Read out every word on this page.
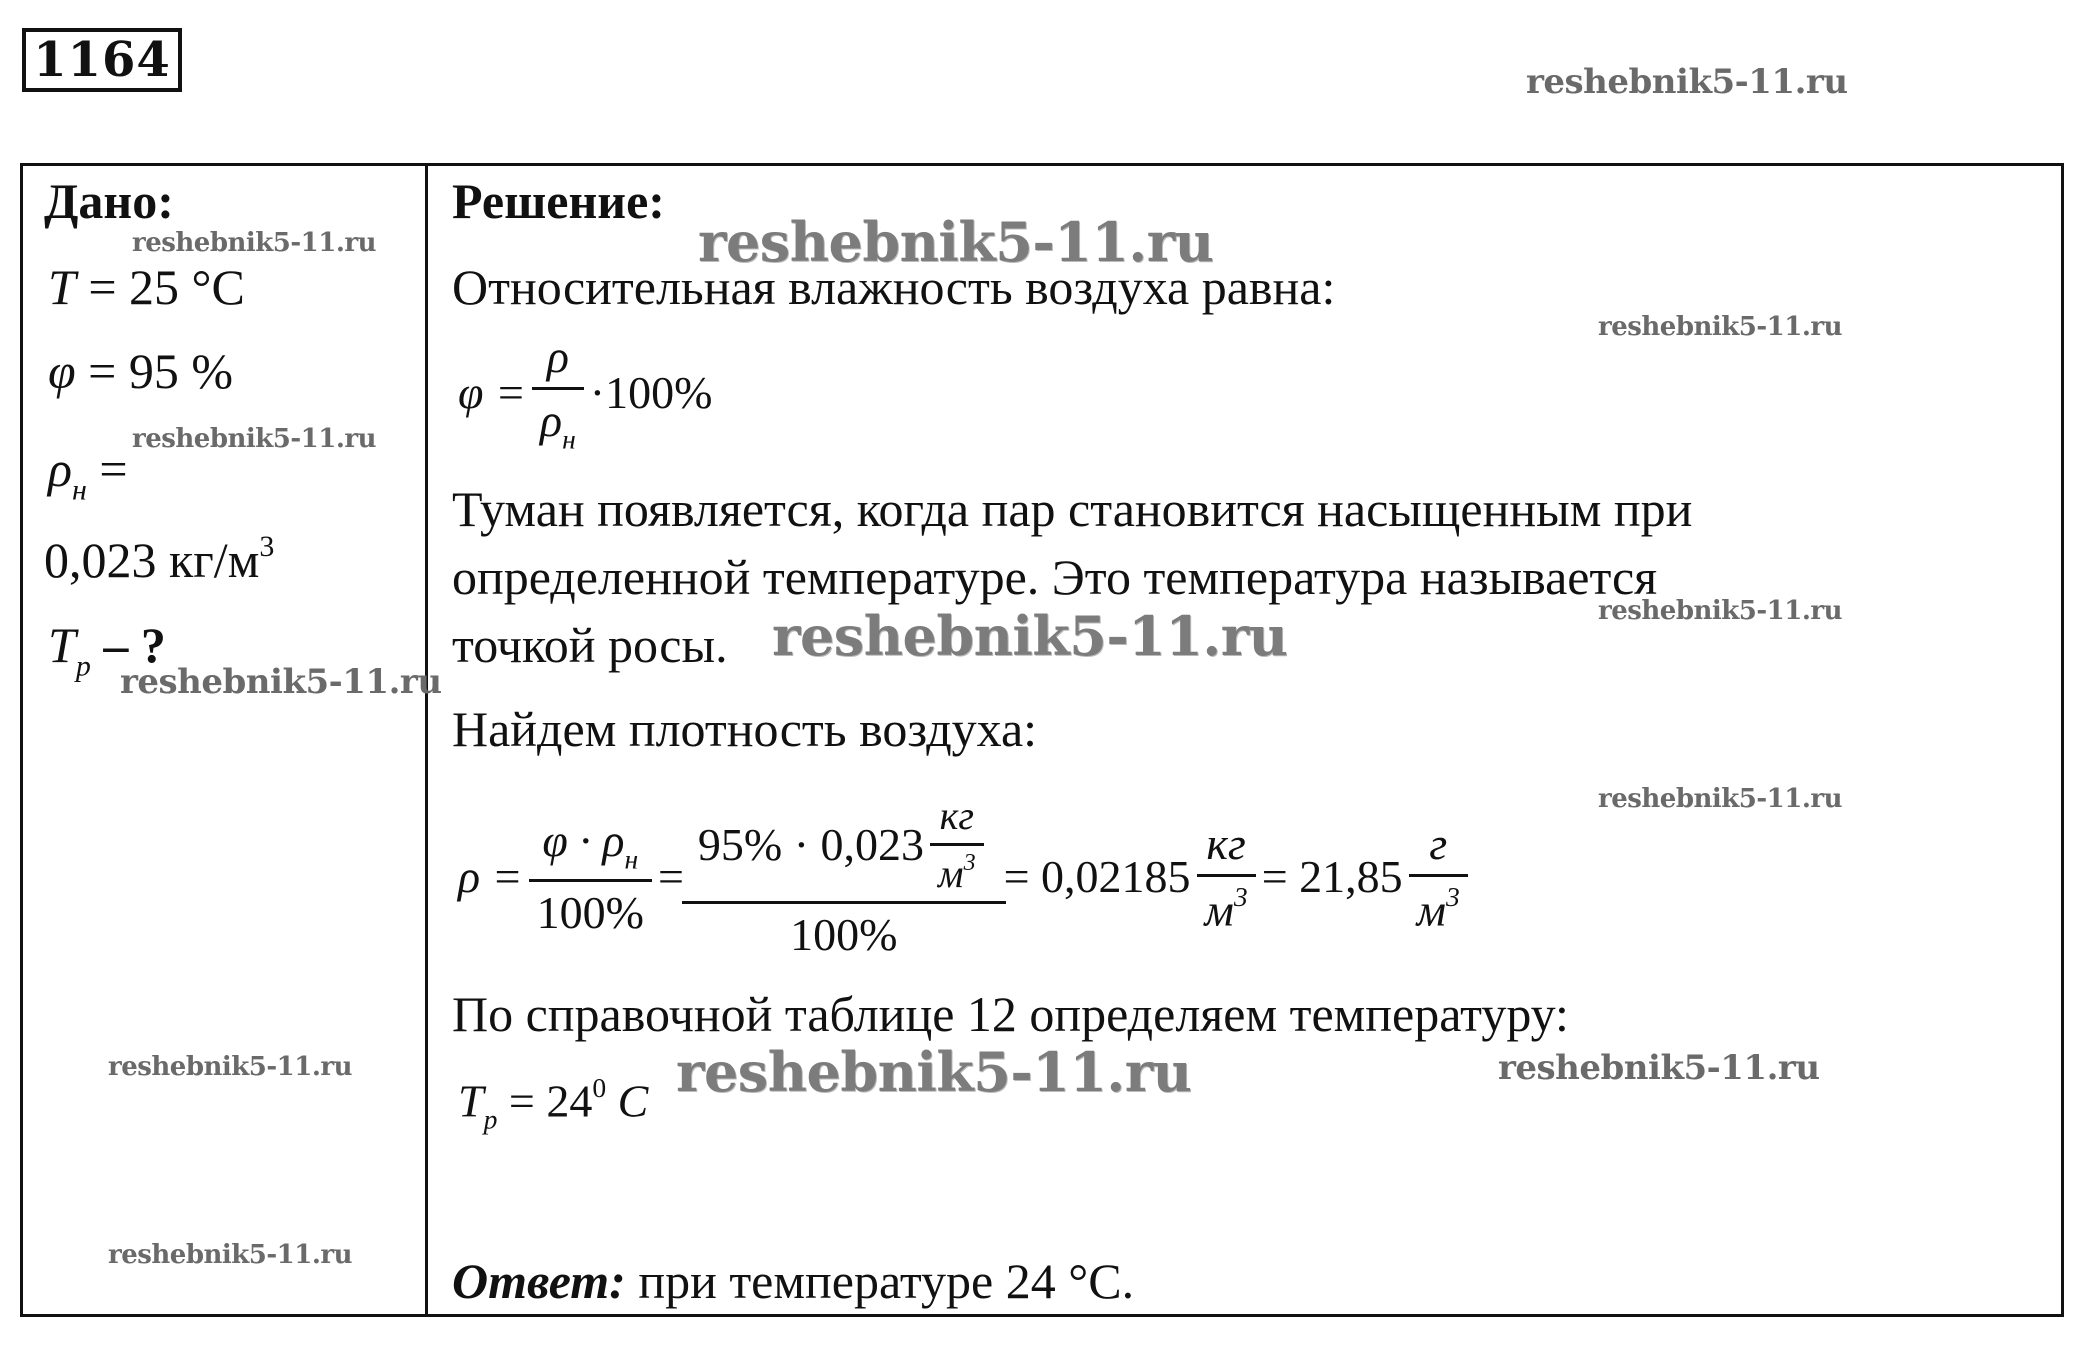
1164
Дано:
T = 25 °C
φ = 95 %
$\rho_н$ =
0,023 $кг/м^3$
$T_р$ – ?
Решение:
Относительная влажность воздуха равна:
$\varphi = \frac{\rho}{\rho_н} \cdot 100\%$
Туман появляется, когда пар становится насыщенным при
определенной температуре. Это температура называется
точкой росы.
Найдем плотность воздуха:
$\rho = \frac{\varphi \cdot \rho_н}{100\%} = \frac{95\% \cdot 0,023 \frac{кг}{м^3}}{100\%} = 0,02185 \frac{кг}{м^3} = 21,85 \frac{г}{м^3}$
По справочной таблице 12 определяем температуру:
$T_р = 24^0$ C
Ответ: при температуре 24 °C.
reshebnik5-11.ru
reshebnik5-11.ru	reshebnik5-11.ru
reshebnik5-11.ru
reshebnik5-11.ru
reshebnik5-11.ru	reshebnik5-11.ru
reshebnik5-11.ru
reshebnik5-11.ru
reshebnik5-11.ru	reshebnik5-11.ru	reshebnik5-11.ru
reshebnik5-11.ru
